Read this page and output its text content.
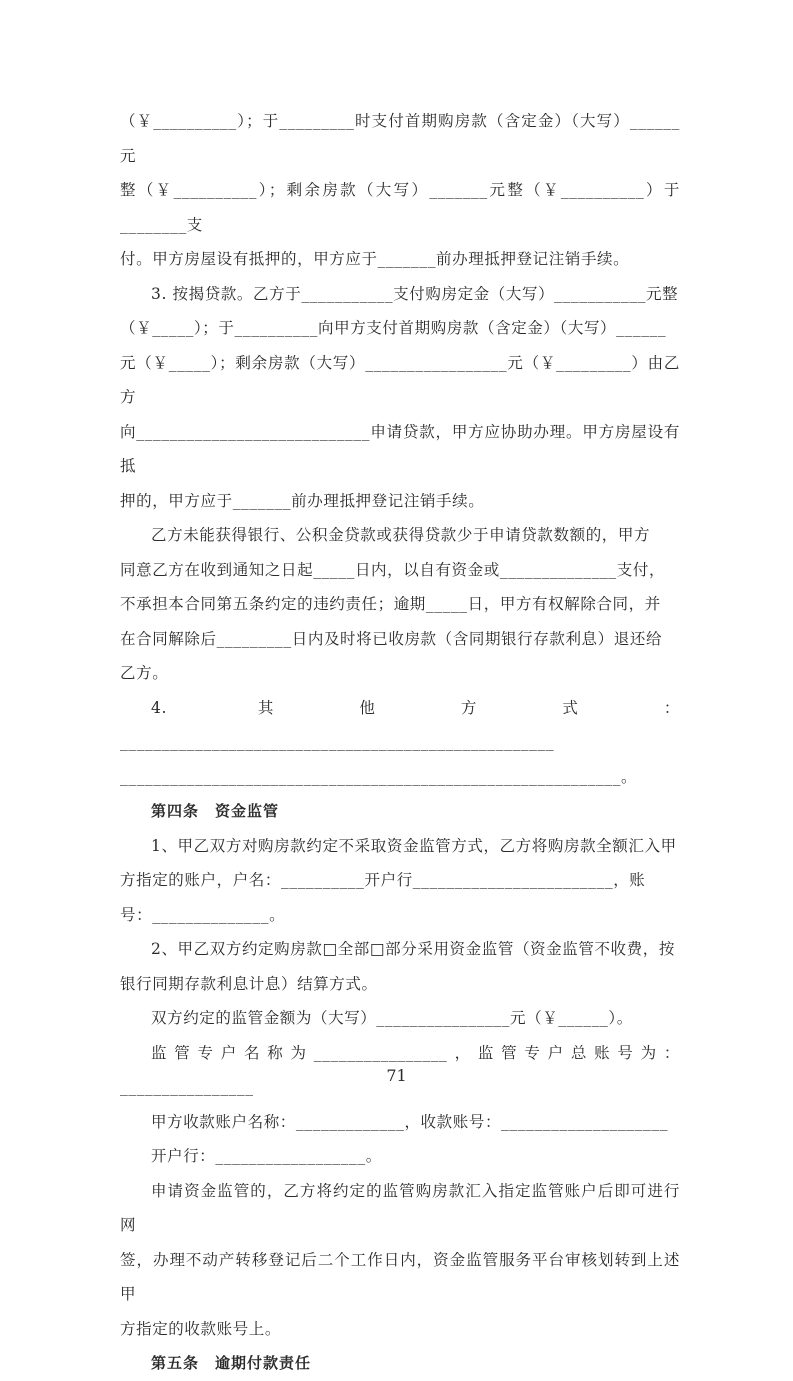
（￥__________）；于_________时支付首期购房款（含定金）（大写）______元

整（￥__________）；剩余房款（大写）_______元整（￥__________）于________支

付。甲方房屋设有抵押的，甲方应于_______前办理抵押登记注销手续。

3. 按揭贷款。乙方于___________支付购房定金（大写）___________元整

（￥_____）；于__________向甲方支付首期购房款（含定金）（大写）______

元（￥_____）；剩余房款（大写）_________________元（￥_________）由乙方

向____________________________申请贷款，甲方应协助办理。甲方房屋设有抵

押的，甲方应于_______前办理抵押登记注销手续。

乙方未能获得银行、公积金贷款或获得贷款少于申请贷款数额的，甲方

同意乙方在收到通知之日起_____日内，以自有资金或______________支付，

不承担本合同第五条约定的违约责任；逾期_____日，甲方有权解除合同，并

在合同解除后_________日内及时将已收房款（含同期银行存款利息）退还给

乙方。

4. 其他方式：____________________________________________________

____________________________________________________________。

第四条　资金监管

1、甲乙双方对购房款约定不采取资金监管方式，乙方将购房款全额汇入甲

方指定的账户，户名：__________开户行________________________，账

号：______________。

2、甲乙双方约定购房款□全部□部分采用资金监管（资金监管不收费，按

银行同期存款利息计息）结算方式。

双方约定的监管金额为（大写）________________元（￥______）。

监管专户名称为________________，监管专户总账号为：________________

甲方收款账户名称：_____________，收款账号：____________________

开户行：__________________。

申请资金监管的，乙方将约定的监管购房款汇入指定监管账户后即可进行网

签，办理不动产转移登记后二个工作日内，资金监管服务平台审核划转到上述甲

方指定的收款账号上。

第五条　逾期付款责任

71
